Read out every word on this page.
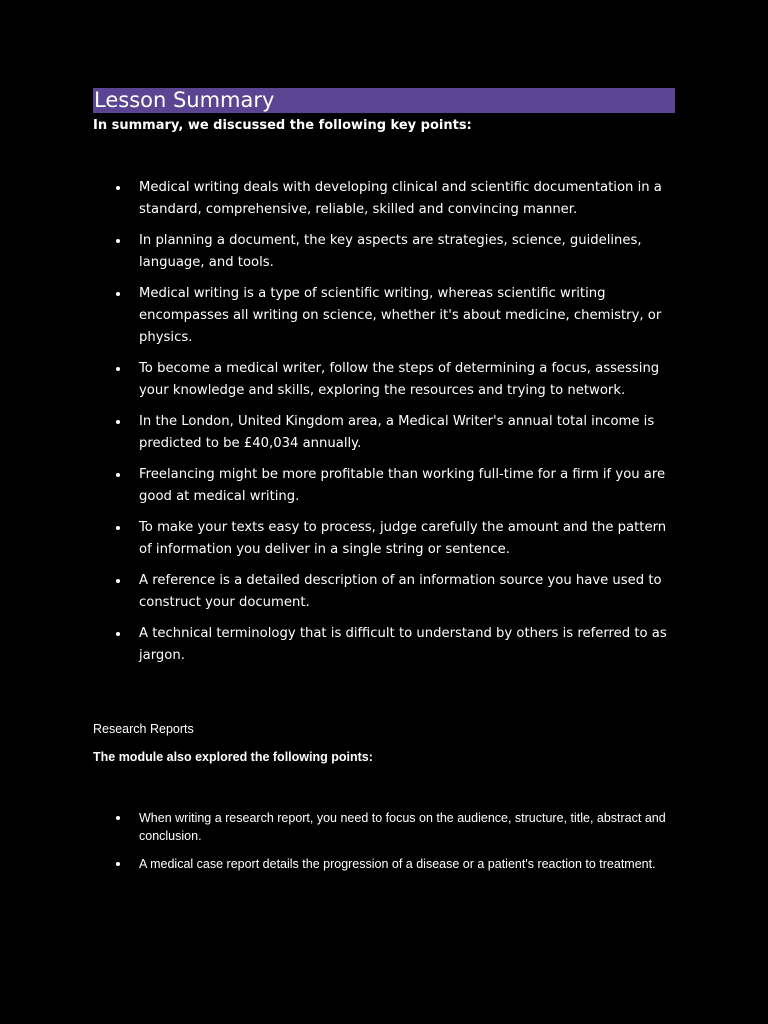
Lesson Summary
In summary, we discussed the following key points:
Medical writing deals with developing clinical and scientific documentation in a standard, comprehensive, reliable, skilled and convincing manner.
In planning a document, the key aspects are strategies, science, guidelines, language, and tools.
Medical writing is a type of scientific writing, whereas scientific writing encompasses all writing on science, whether it's about medicine, chemistry, or physics.
To become a medical writer, follow the steps of determining a focus, assessing your knowledge and skills, exploring the resources and trying to network.
In the London, United Kingdom area, a Medical Writer's annual total income is predicted to be £40,034 annually.
Freelancing might be more profitable than working full-time for a firm if you are good at medical writing.
To make your texts easy to process, judge carefully the amount and the pattern of information you deliver in a single string or sentence.
A reference is a detailed description of an information source you have used to construct your document.
A technical terminology that is difficult to understand by others is referred to as jargon.
Research Reports
The module also explored the following points:
When writing a research report, you need to focus on the audience, structure, title, abstract and conclusion.
A medical case report details the progression of a disease or a patient's reaction to treatment.
